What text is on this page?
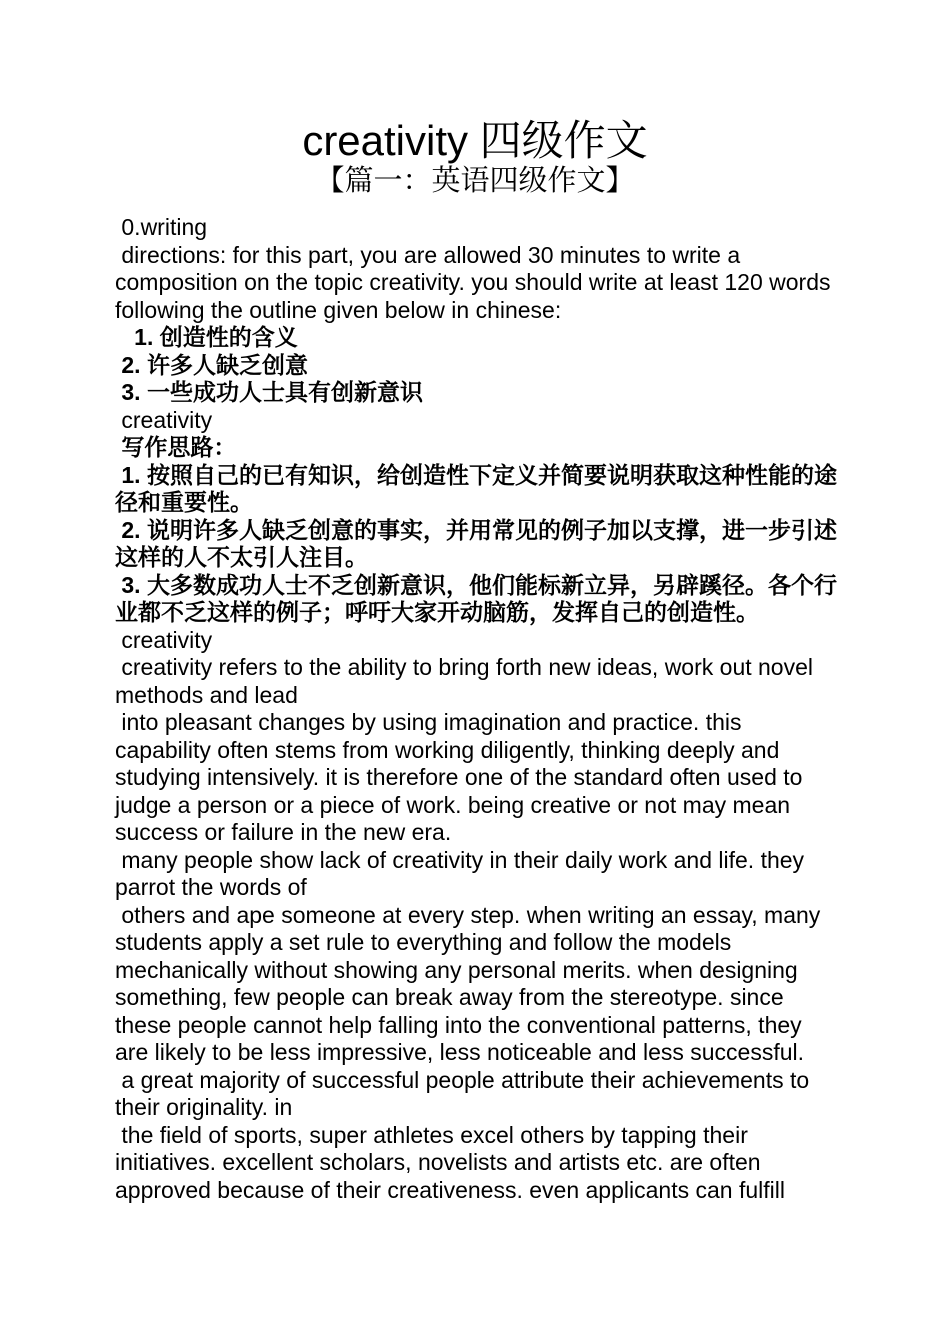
creativity 四级作文
【篇一：英语四级作文】

0.writing

directions: for this part, you are allowed 30 minutes to write a composition on the topic creativity. you should write at least 120 words following the outline given below in chinese:

1. 创造性的含义

2. 许多人缺乏创意

3. 一些成功人士具有创新意识

creativity

写作思路：

1. 按照自己的已有知识，给创造性下定义并简要说明获取这种性能的途径和重要性。

2. 说明许多人缺乏创意的事实，并用常见的例子加以支撑，进一步引述这样的人不太引人注目。

3. 大多数成功人士不乏创新意识，他们能标新立异，另辟蹊径。各个行业都不乏这样的例子；呼吁大家开动脑筋，发挥自己的创造性。

creativity

creativity refers to the ability to bring forth new ideas, work out novel methods and lead

into pleasant changes by using imagination and practice. this capability often stems from working diligently, thinking deeply and studying intensively. it is therefore one of the standard often used to judge a person or a piece of work. being creative or not may mean success or failure in the new era.

many people show lack of creativity in their daily work and life. they parrot the words of

others and ape someone at every step. when writing an essay, many students apply a set rule to everything and follow the models mechanically without showing any personal merits. when designing something, few people can break away from the stereotype. since these people cannot help falling into the conventional patterns, they are likely to be less impressive, less noticeable and less successful.

a great majority of successful people attribute their achievements to their originality. in

the field of sports, super athletes excel others by tapping their initiatives. excellent scholars, novelists and artists etc. are often approved because of their creativeness. even applicants can fulfill
